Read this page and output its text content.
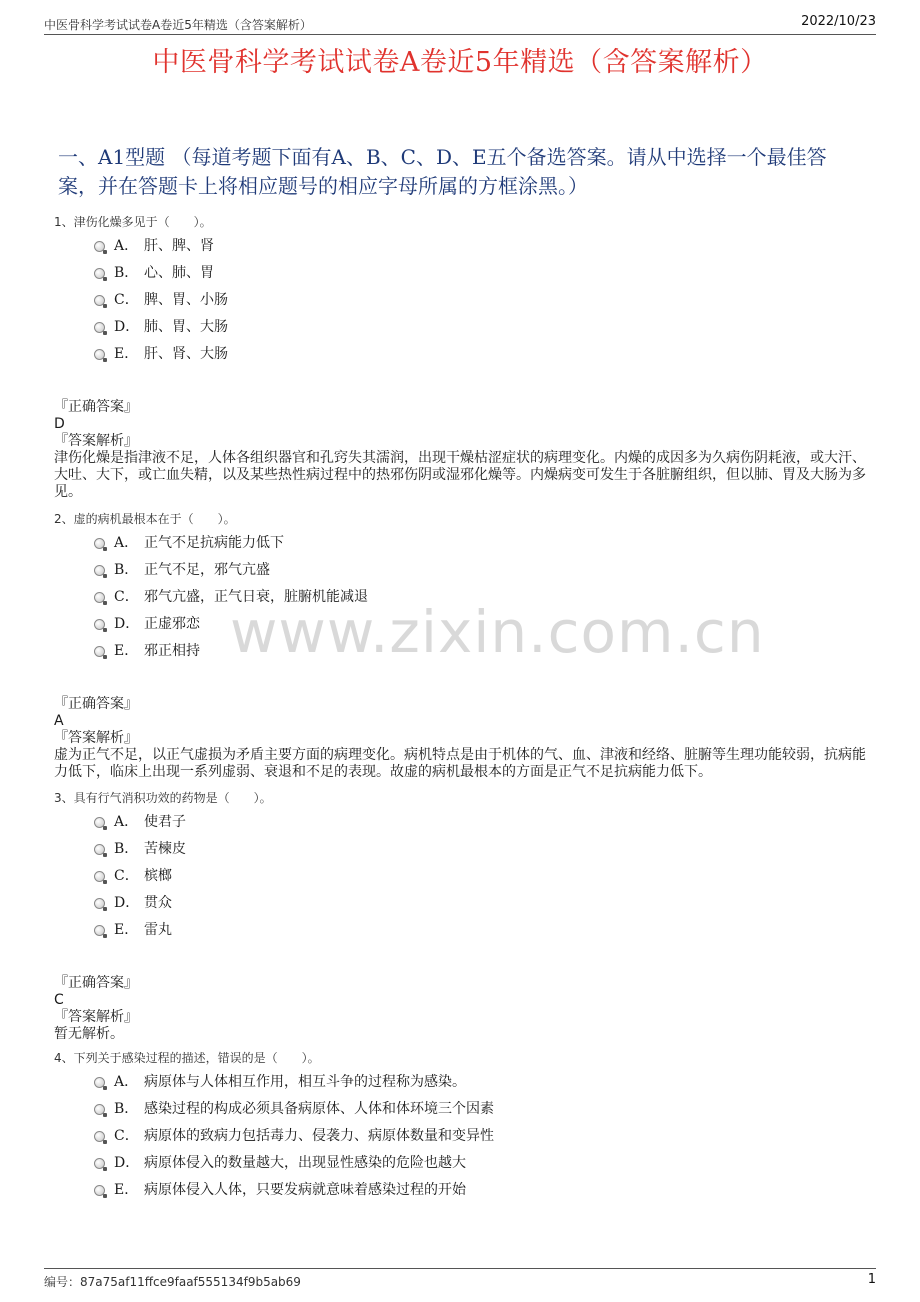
中医骨科学考试试卷A卷近5年精选（含答案解析）	2022/10/23
中医骨科学考试试卷A卷近5年精选（含答案解析）
一、A1型题 （每道考题下面有A、B、C、D、E五个备选答案。请从中选择一个最佳答案，并在答题卡上将相应题号的相应字母所属的方框涂黑。）
www.zixin.com.cn
1、津伤化燥多见于（　　）。
A． 肝、脾、肾
B． 心、肺、胃
C． 脾、胃、小肠
D． 肺、胃、大肠
E． 肝、肾、大肠
『正确答案』
D
『答案解析』
津伤化燥是指津液不足，人体各组织器官和孔窍失其濡润，出现干燥枯涩症状的病理变化。内燥的成因多为久病伤阴耗液，或大汗、大吐、大下，或亡血失精，以及某些热性病过程中的热邪伤阴或湿邪化燥等。内燥病变可发生于各脏腑组织，但以肺、胃及大肠为多见。
2、虚的病机最根本在于（　　）。
A． 正气不足抗病能力低下
B． 正气不足，邪气亢盛
C． 邪气亢盛，正气日衰，脏腑机能减退
D． 正虚邪恋
E． 邪正相持
『正确答案』
A
『答案解析』
虚为正气不足，以正气虚损为矛盾主要方面的病理变化。病机特点是由于机体的气、血、津液和经络、脏腑等生理功能较弱，抗病能力低下，临床上出现一系列虚弱、衰退和不足的表现。故虚的病机最根本的方面是正气不足抗病能力低下。
3、具有行气消积功效的药物是（　　）。
A． 使君子
B． 苦楝皮
C． 槟榔
D． 贯众
E． 雷丸
『正确答案』
C
『答案解析』
暂无解析。
4、下列关于感染过程的描述，错误的是（　　）。
A． 病原体与人体相互作用，相互斗争的过程称为感染。
B． 感染过程的构成必须具备病原体、人体和体环境三个因素
C． 病原体的致病力包括毒力、侵袭力、病原体数量和变异性
D． 病原体侵入的数量越大，出现显性感染的危险也越大
E． 病原体侵入人体，只要发病就意味着感染过程的开始
编号：87a75af11ffce9faaf555134f9b5ab69	1
